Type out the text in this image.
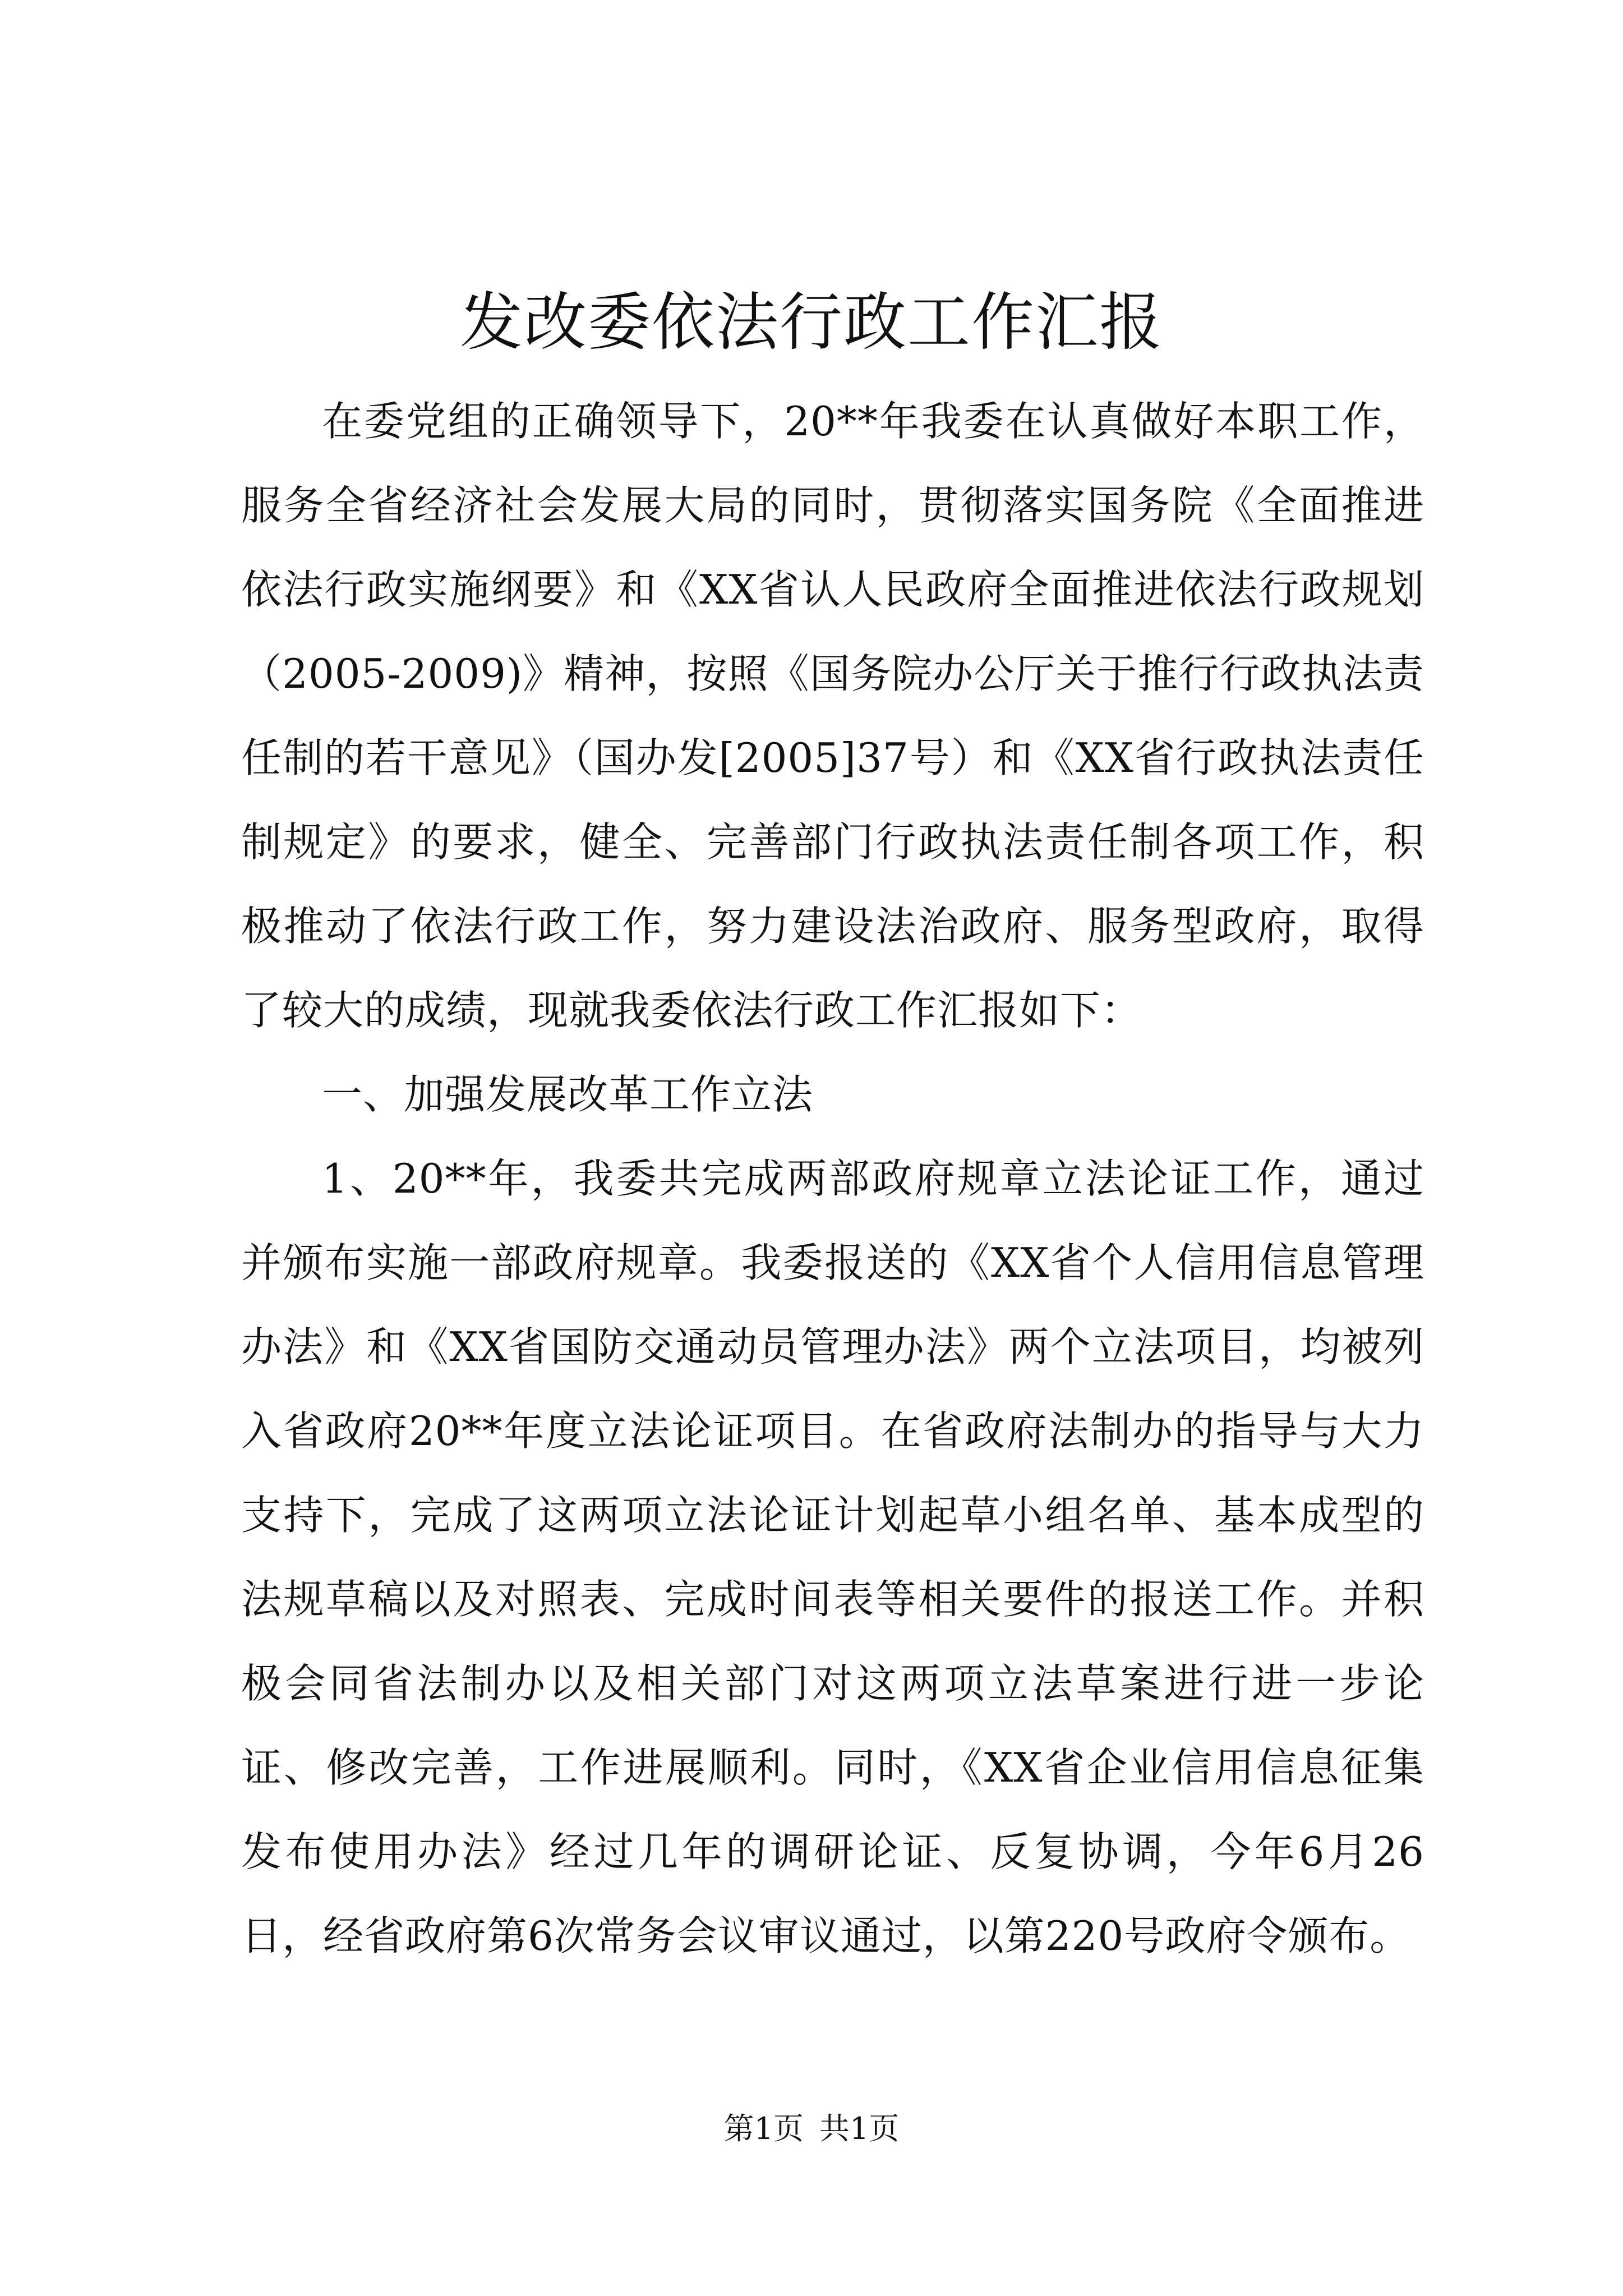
发改委依法行政工作汇报

在委党组的正确领导下，20**年我委在认真做好本职工作，服务全省经济社会发展大局的同时，贯彻落实国务院《全面推进依法行政实施纲要》和《XX省认人民政府全面推进依法行政规划（2005-2009)》精神，按照《国务院办公厅关于推行行政执法责任制的若干意见》（国办发[2005]37号）和《XX省行政执法责任制规定》的要求，健全、完善部门行政执法责任制各项工作，积极推动了依法行政工作，努力建设法治政府、服务型政府，取得了较大的成绩，现就我委依法行政工作汇报如下：

一、加强发展改革工作立法

1、20**年，我委共完成两部政府规章立法论证工作，通过并颁布实施一部政府规章。我委报送的《XX省个人信用信息管理办法》和《XX省国防交通动员管理办法》两个立法项目，均被列入省政府20**年度立法论证项目。在省政府法制办的指导与大力支持下，完成了这两项立法论证计划起草小组名单、基本成型的法规草稿以及对照表、完成时间表等相关要件的报送工作。并积极会同省法制办以及相关部门对这两项立法草案进行进一步论证、修改完善，工作进展顺利。同时，《XX省企业信用信息征集发布使用办法》经过几年的调研论证、反复协调，今年6月26日，经省政府第6次常务会议审议通过，以第220号政府令颁布。

第1页 共1页
